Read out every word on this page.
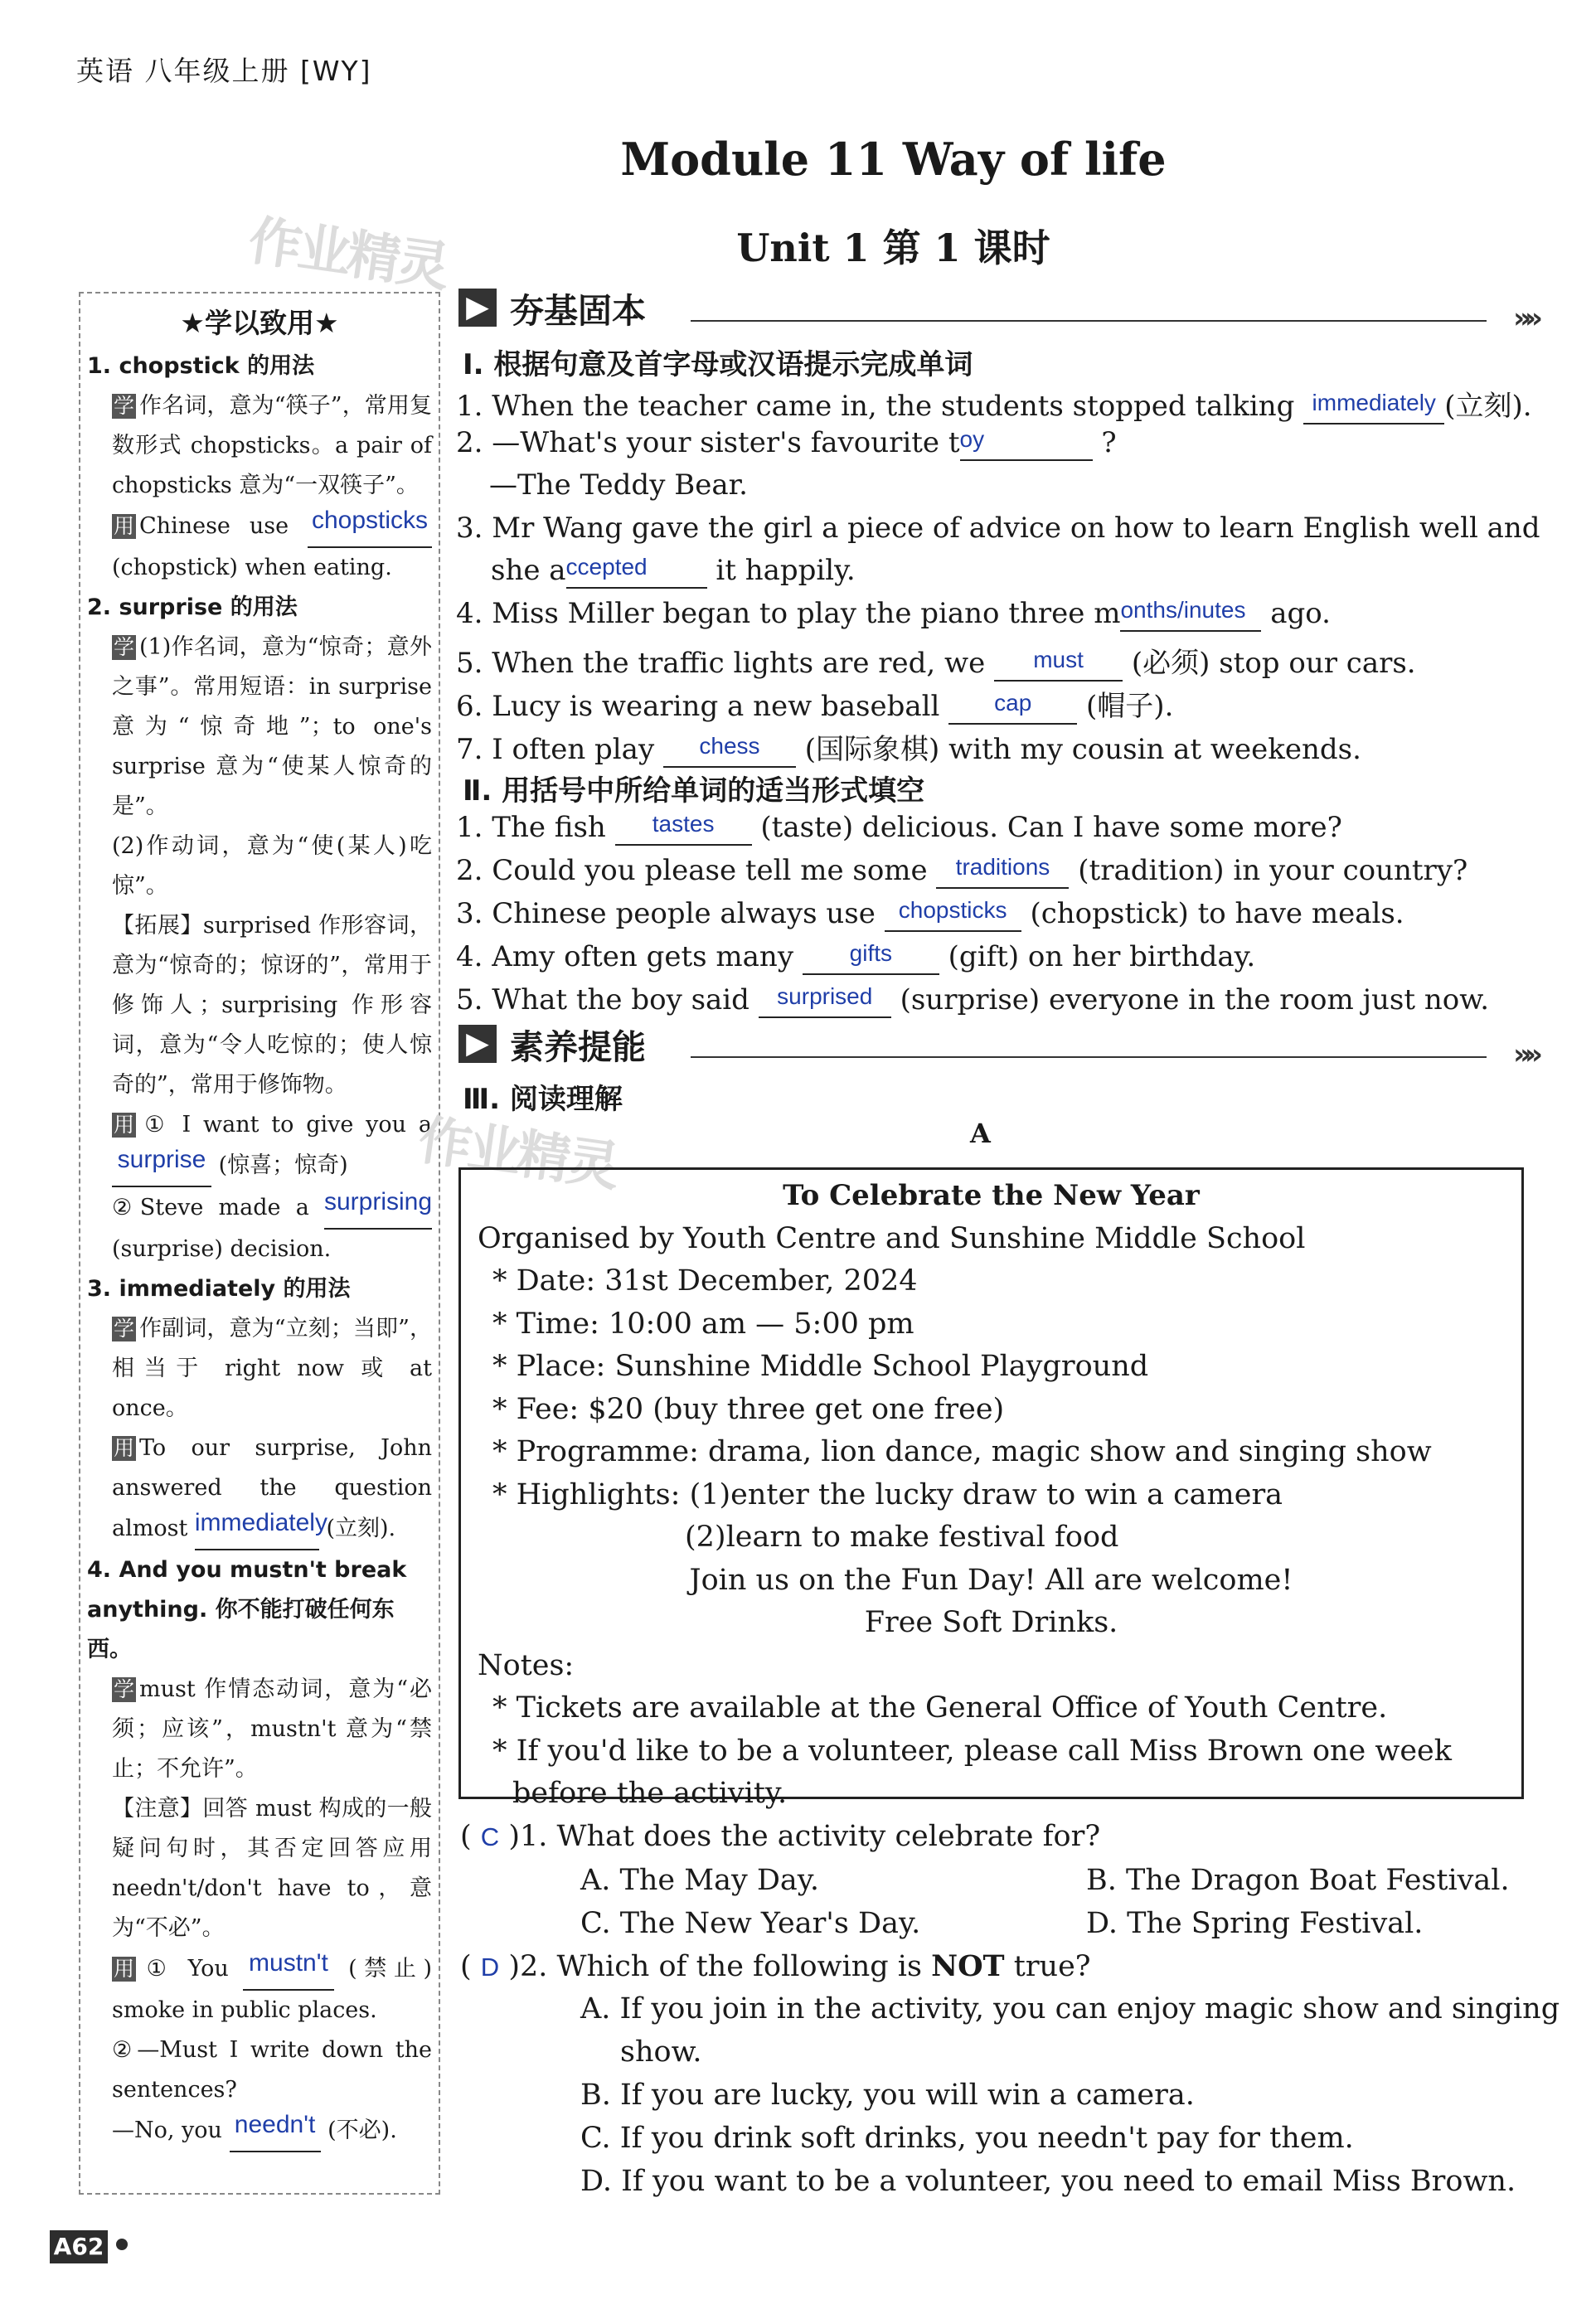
英语 八年级上册 [WY]
Module 11 Way of life
Unit 1 第 1 课时
作业精灵
★学以致用★
1. chopstick 的用法
学 作名词，意为“筷子”，常用复数形式 chopsticks。a pair of chopsticks 意为“一双筷子”。
用 Chinese use chopsticks (chopstick) when eating.
2. surprise 的用法
学 (1)作名词，意为“惊奇；意外之事”。常用短语：in surprise 意为“惊奇地”；to one's surprise 意为“使某人惊奇的是”。
(2)作动词，意为“使(某人)吃惊”。
【拓展】surprised 作形容词，意为“惊奇的；惊讶的”，常用于修饰人；surprising 作形容词，意为“令人吃惊的；使人惊奇的”，常用于修饰物。
用 ① I want to give you a surprise (惊喜；惊奇)
②Steve made a surprising (surprise) decision.
3. immediately 的用法
学 作副词，意为“立刻；当即”，相当于 right now 或 at once。
用 To our surprise, John answered the question almost immediately (立刻).
4. And you mustn't break anything. 你不能打破任何东西。
学 must 作情态动词，意为“必须；应该”，mustn't 意为“禁止；不允许”。
【注意】回答 must 构成的一般疑问句时，其否定回答应用 needn't/don't have to，意为“不必”。
用 ① You mustn't (禁止) smoke in public places.
②—Must I write down the sentences?
—No, you needn't (不必).
▶ 夯基固本	»»
Ⅰ. 根据句意及首字母或汉语提示完成单词
1. When the teacher came in, the students stopped talking immediately (立刻).
2. —What's your sister's favourite toy	?
—The Teddy Bear.
3. Mr Wang gave the girl a piece of advice on how to learn English well and
she accepted it happily.
4. Miss Miller began to play the piano three months/inutes ago.
5. When the traffic lights are red, we must (必须) stop our cars.
6. Lucy is wearing a new baseball cap (帽子).
7. I often play chess (国际象棋) with my cousin at weekends.
Ⅱ. 用括号中所给单词的适当形式填空
1. The fish tastes (taste) delicious. Can I have some more?
2. Could you please tell me some traditions (tradition) in your country?
3. Chinese people always use chopsticks (chopstick) to have meals.
4. Amy often gets many gifts (gift) on her birthday.
5. What the boy said surprised (surprise) everyone in the room just now.
▶ 素养提能	»»
Ⅲ. 阅读理解
作业精灵	A
To Celebrate the New Year
Organised by Youth Centre and Sunshine Middle School
* Date: 31st December, 2024
* Time: 10:00 am — 5:00 pm
* Place: Sunshine Middle School Playground
* Fee: $20 (buy three get one free)
* Programme: drama, lion dance, magic show and singing show
* Highlights: (1)enter the lucky draw to win a camera
(2)learn to make festival food
Join us on the Fun Day! All are welcome!
Free Soft Drinks.
Notes:
* Tickets are available at the General Office of Youth Centre.
* If you'd like to be a volunteer, please call Miss Brown one week
before the activity.
( C )1. What does the activity celebrate for?
A. The May Day.	B. The Dragon Boat Festival.
C. The New Year's Day.	D. The Spring Festival.
( D )2. Which of the following is NOT true?
A. If you join in the activity, you can enjoy magic show and singing
show.
B. If you are lucky, you will win a camera.
C. If you drink soft drinks, you needn't pay for them.
D. If you want to be a volunteer, you need to email Miss Brown.
A62
